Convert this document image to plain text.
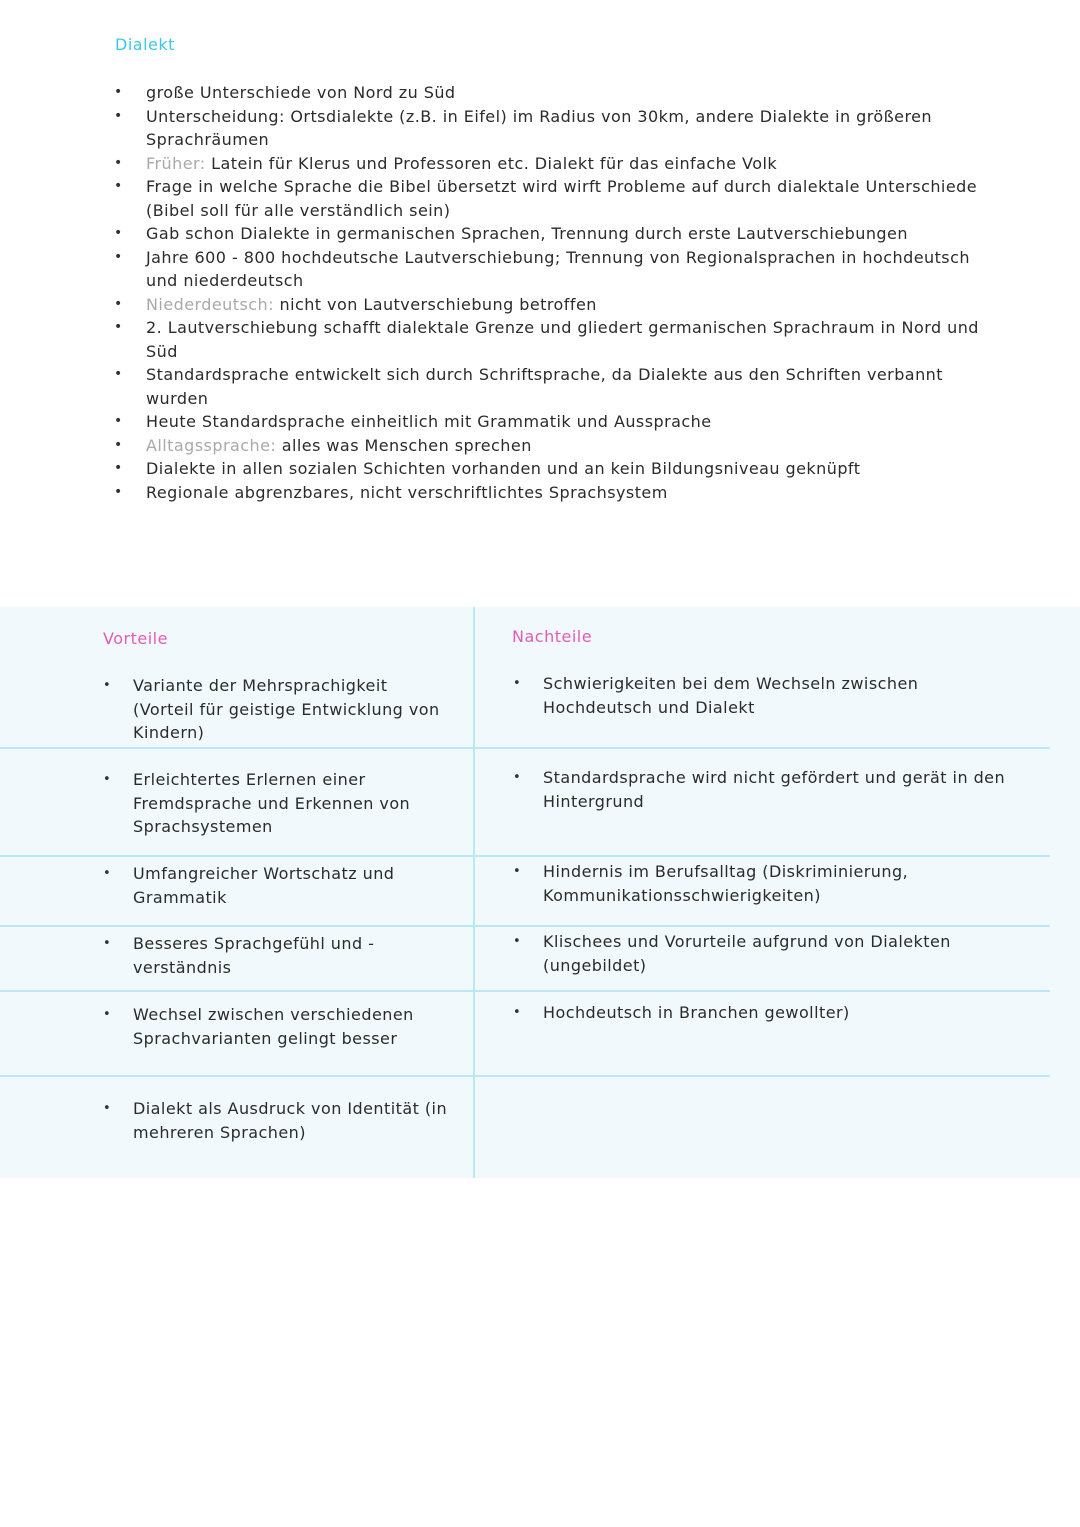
Dialekt
• große Unterschiede von Nord zu Süd
• Unterscheidung: Ortsdialekte (z.B. in Eifel) im Radius von 30km, andere Dialekte in größeren Sprachräumen
• Früher: Latein für Klerus und Professoren etc. Dialekt für das einfache Volk
• Frage in welche Sprache die Bibel übersetzt wird wirft Probleme auf durch dialektale Unterschiede (Bibel soll für alle verständlich sein)
• Gab schon Dialekte in germanischen Sprachen, Trennung durch erste Lautverschiebungen
• Jahre 600 - 800 hochdeutsche Lautverschiebung; Trennung von Regionalsprachen in hochdeutsch und niederdeutsch
• Niederdeutsch: nicht von Lautverschiebung betroffen
• 2. Lautverschiebung schafft dialektale Grenze und gliedert germanischen Sprachraum in Nord und Süd
• Standardsprache entwickelt sich durch Schriftsprache, da Dialekte aus den Schriften verbannt wurden
• Heute Standardsprache einheitlich mit Grammatik und Aussprache
• Alltagssprache: alles was Menschen sprechen
• Dialekte in allen sozialen Schichten vorhanden und an kein Bildungsniveau geknüpft
• Regionale abgrenzbares, nicht verschriftlichtes Sprachsystem
Vorteile	Nachteile
• Variante der Mehrsprachigkeit (Vorteil für geistige Entwicklung von Kindern)
• Erleichtertes Erlernen einer Fremdsprache und Erkennen von Sprachsystemen
• Umfangreicher Wortschatz und Grammatik
• Besseres Sprachgefühl und -verständnis
• Wechsel zwischen verschiedenen Sprachvarianten gelingt besser
• Dialekt als Ausdruck von Identität (in mehreren Sprachen)
• Schwierigkeiten bei dem Wechseln zwischen Hochdeutsch und Dialekt
• Standardsprache wird nicht gefördert und gerät in den Hintergrund
• Hindernis im Berufsalltag (Diskriminierung, Kommunikationsschwierigkeiten)
• Klischees und Vorurteile aufgrund von Dialekten (ungebildet)
• Hochdeutsch in Branchen gewollter)
